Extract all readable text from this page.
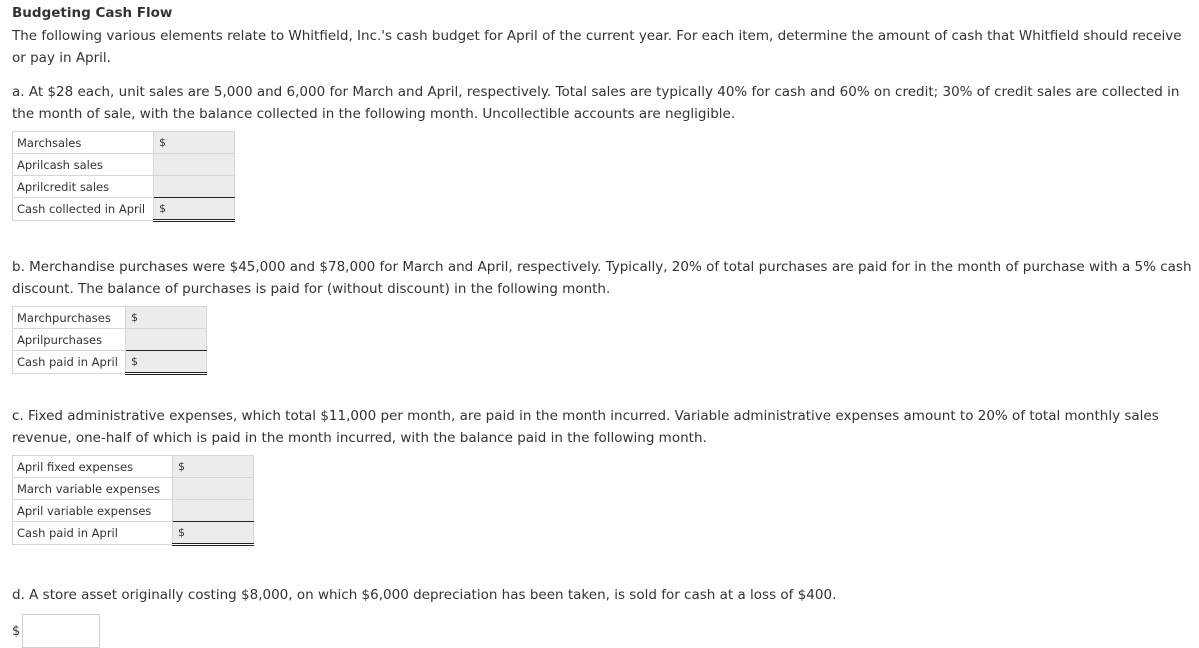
Budgeting Cash Flow

The following various elements relate to Whitfield, Inc.'s cash budget for April of the current year. For each item, determine the amount of cash that Whitfield should receive or pay in April.

a. At $28 each, unit sales are 5,000 and 6,000 for March and April, respectively. Total sales are typically 40% for cash and 60% on credit; 30% of credit sales are collected in the month of sale, with the balance collected in the following month. Uncollectible accounts are negligible.

Marchsales	$

Aprilcash sales	

Aprilcredit sales	

Cash collected in April	$

b. Merchandise purchases were $45,000 and $78,000 for March and April, respectively. Typically, 20% of total purchases are paid for in the month of purchase with a 5% cash discount. The balance of purchases is paid for (without discount) in the following month.

Marchpurchases	$

Aprilpurchases	

Cash paid in April	$

c. Fixed administrative expenses, which total $11,000 per month, are paid in the month incurred. Variable administrative expenses amount to 20% of total monthly sales revenue, one-half of which is paid in the month incurred, with the balance paid in the following month.

April fixed expenses	$

March variable expenses	

April variable expenses	

Cash paid in April	$

d. A store asset originally costing $8,000, on which $6,000 depreciation has been taken, is sold for cash at a loss of $400.

$
